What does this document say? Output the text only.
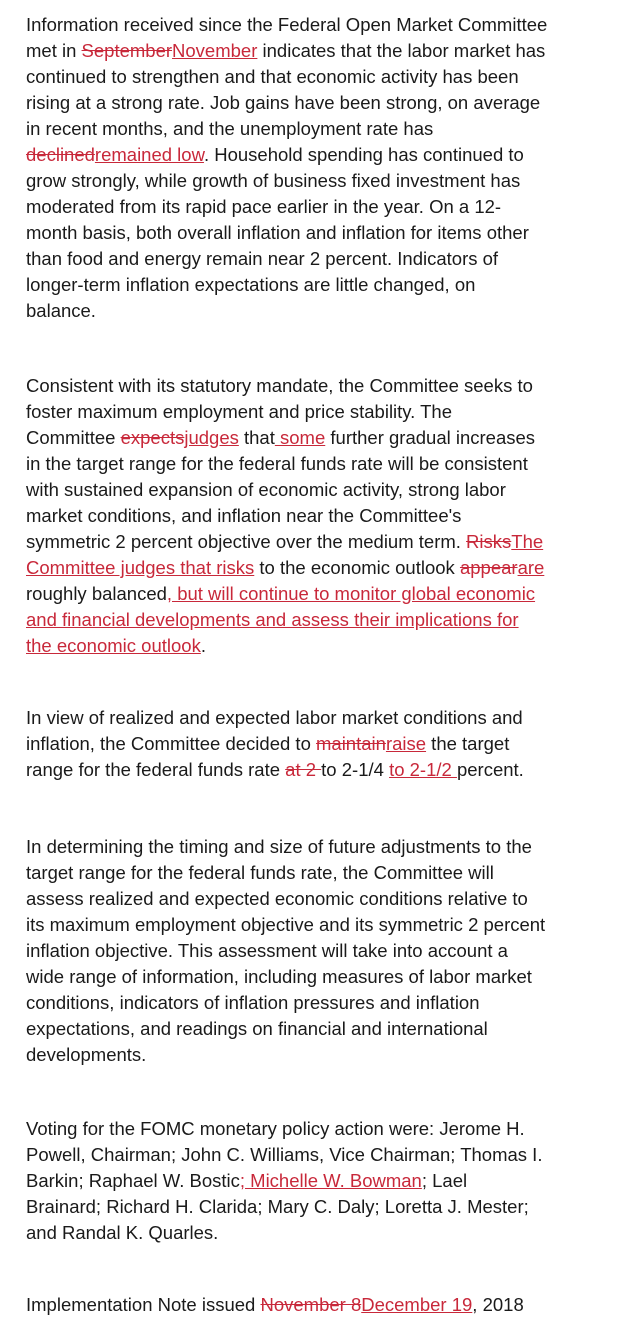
Information received since the Federal Open Market Committee
met in SeptemberNovember indicates that the labor market has
continued to strengthen and that economic activity has been
rising at a strong rate. Job gains have been strong, on average
in recent months, and the unemployment rate has
declinedremained low. Household spending has continued to
grow strongly, while growth of business fixed investment has
moderated from its rapid pace earlier in the year. On a 12-
month basis, both overall inflation and inflation for items other
than food and energy remain near 2 percent. Indicators of
longer-term inflation expectations are little changed, on
balance.
Consistent with its statutory mandate, the Committee seeks to
foster maximum employment and price stability. The
Committee expectsjudges that some further gradual increases
in the target range for the federal funds rate will be consistent
with sustained expansion of economic activity, strong labor
market conditions, and inflation near the Committee's
symmetric 2 percent objective over the medium term. RisksThe
Committee judges that risks to the economic outlook appearare
roughly balanced, but will continue to monitor global economic
and financial developments and assess their implications for
the economic outlook.
In view of realized and expected labor market conditions and
inflation, the Committee decided to maintainraise the target
range for the federal funds rate at 2 to 2-1/4 to 2-1/2 percent.
In determining the timing and size of future adjustments to the
target range for the federal funds rate, the Committee will
assess realized and expected economic conditions relative to
its maximum employment objective and its symmetric 2 percent
inflation objective. This assessment will take into account a
wide range of information, including measures of labor market
conditions, indicators of inflation pressures and inflation
expectations, and readings on financial and international
developments.
Voting for the FOMC monetary policy action were: Jerome H.
Powell, Chairman; John C. Williams, Vice Chairman; Thomas I.
Barkin; Raphael W. Bostic; Michelle W. Bowman; Lael
Brainard; Richard H. Clarida; Mary C. Daly; Loretta J. Mester;
and Randal K. Quarles.
Implementation Note issued November 8December 19, 2018
